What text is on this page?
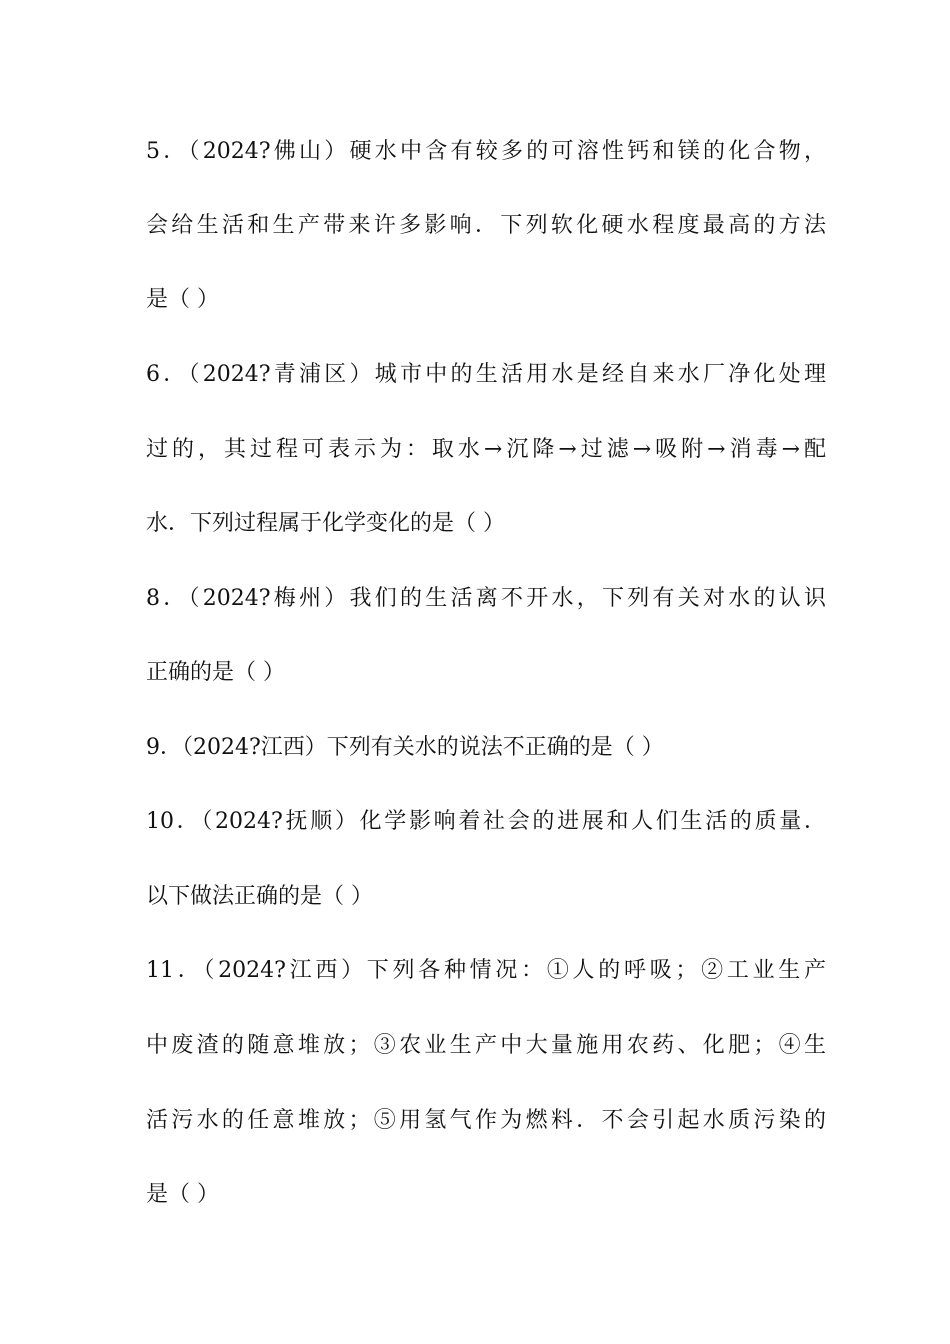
5．（2024?佛山）硬水中含有较多的可溶性钙和镁的化合物，
会给生活和生产带来许多影响．下列软化硬水程度最高的方法
是（ ）
6．（2024?青浦区）城市中的生活用水是经自来水厂净化处理
过的，其过程可表示为：取水→沉降→过滤→吸附→消毒→配
水．下列过程属于化学变化的是（ ）
8．（2024?梅州）我们的生活离不开水，下列有关对水的认识
正确的是（ ）
9．（2024?江西）下列有关水的说法不正确的是（ ）
10．（2024?抚顺）化学影响着社会的进展和人们生活的质量．
以下做法正确的是（ ）
11．（2024?江西）下列各种情况：①人的呼吸；②工业生产
中废渣的随意堆放；③农业生产中大量施用农药、化肥；④生
活污水的任意堆放；⑤用氢气作为燃料．不会引起水质污染的
是（ ）
